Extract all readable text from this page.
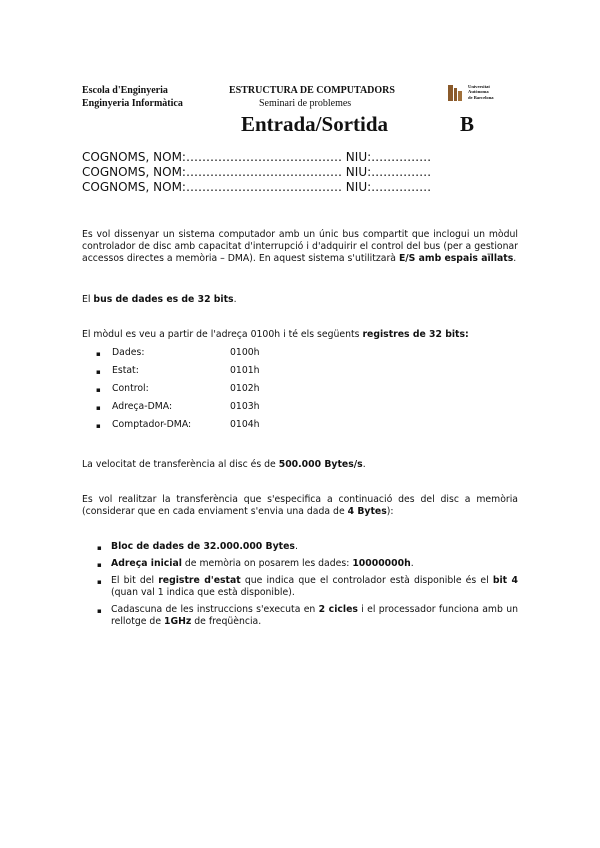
Escola d'Enginyeria
Enginyeria Informàtica
ESTRUCTURA DE COMPUTADORS
Seminari de problemes
Universitat
Autònoma
de Barcelona
Entrada/Sortida	B
COGNOMS, NOM:………………………………… NIU:……………
COGNOMS, NOM:………………………………… NIU:……………
COGNOMS, NOM:………………………………… NIU:……………

Es vol dissenyar un sistema computador amb un únic bus compartit que inclogui un mòdul controlador de disc amb capacitat d'interrupció i d'adquirir el control del bus (per a gestionar accessos directes a memòria – DMA). En aquest sistema s'utilitzarà E/S amb espais aïllats.

El bus de dades es de 32 bits.

El mòdul es veu a partir de l'adreça 0100h i té els següents registres de 32 bits:

▪ Dades:	0100h
▪ Estat:	0101h
▪ Control:	0102h
▪ Adreça-DMA:	0103h
▪ Comptador-DMA:	0104h

La velocitat de transferència al disc és de 500.000 Bytes/s.

Es vol realitzar la transferència que s'especifica a continuació des del disc a memòria (considerar que en cada enviament s'envia una dada de 4 Bytes):

▪ Bloc de dades de 32.000.000 Bytes.
▪ Adreça inicial de memòria on posarem les dades: 10000000h.
▪ El bit del registre d'estat que indica que el controlador està disponible és el bit 4 (quan val 1 indica que està disponible).
▪ Cadascuna de les instruccions s'executa en 2 cicles i el processador funciona amb un rellotge de 1GHz de freqüència.
